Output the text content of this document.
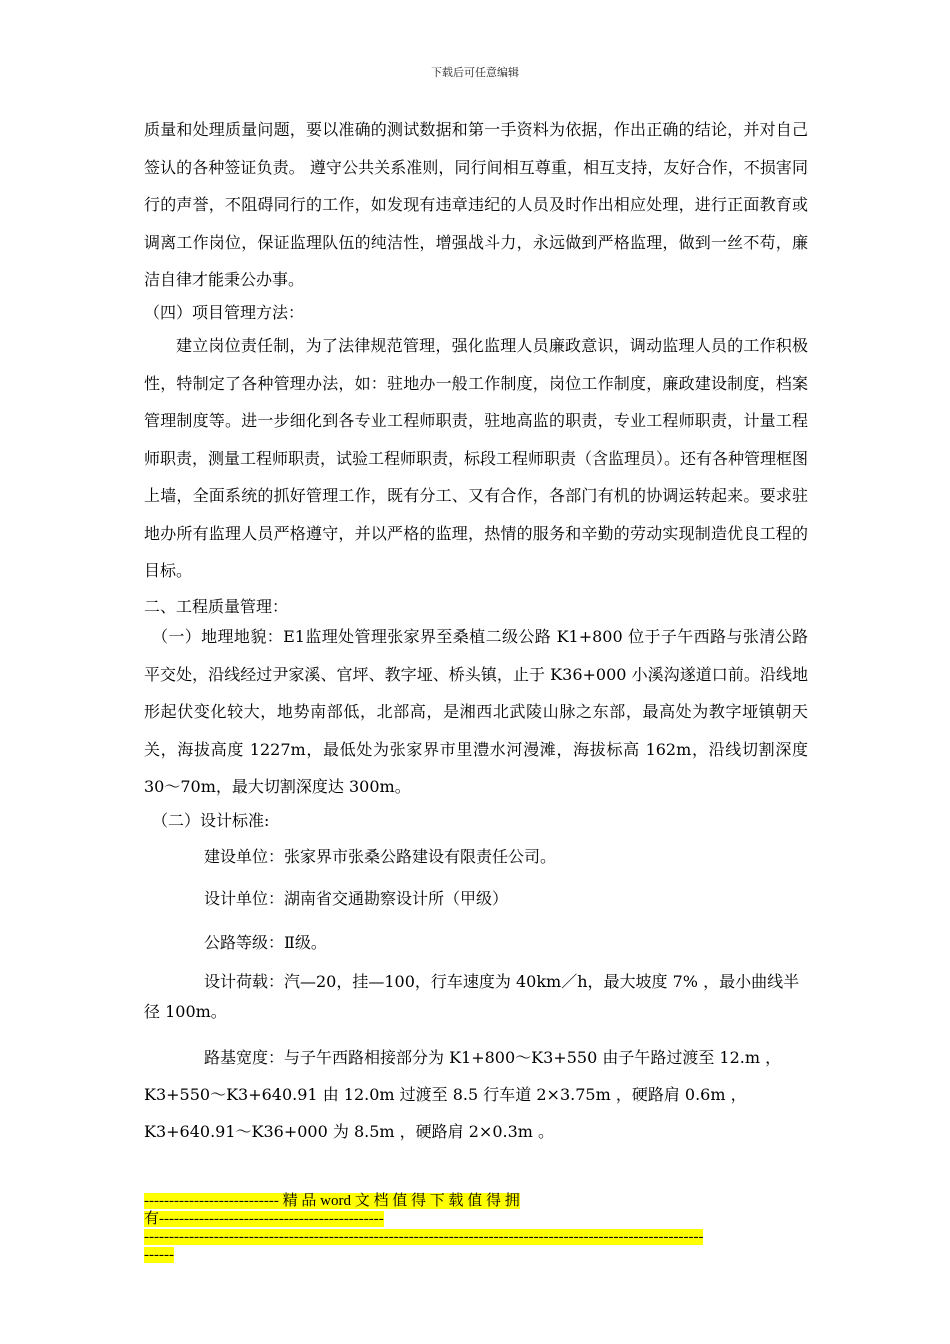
下载后可任意编辑

质量和处理质量问题，要以准确的测试数据和第一手资料为依据，作出正确的结论，并对自己签认的各种签证负责。 遵守公共关系准则，同行间相互尊重，相互支持，友好合作，不损害同行的声誉，不阻碍同行的工作，如发现有违章违纪的人员及时作出相应处理，进行正面教育或调离工作岗位，保证监理队伍的纯洁性，增强战斗力，永远做到严格监理，做到一丝不苟，廉洁自律才能秉公办事。

（四）项目管理方法：

建立岗位责任制，为了法律规范管理，强化监理人员廉政意识，调动监理人员的工作积极性，特制定了各种管理办法，如：驻地办一般工作制度，岗位工作制度，廉政建设制度，档案管理制度等。进一步细化到各专业工程师职责，驻地高监的职责，专业工程师职责，计量工程师职责，测量工程师职责，试验工程师职责，标段工程师职责（含监理员）。还有各种管理框图上墙，全面系统的抓好管理工作，既有分工、又有合作，各部门有机的协调运转起来。要求驻地办所有监理人员严格遵守，并以严格的监理，热情的服务和辛勤的劳动实现制造优良工程的目标。

二、工程质量管理：

（一）地理地貌：E1监理处管理张家界至桑植二级公路 K1+800 位于子午西路与张清公路平交处，沿线经过尹家溪、官坪、教字垭、桥头镇，止于 K36+000 小溪沟遂道口前。沿线地形起伏变化较大，地势南部低，北部高，是湘西北武陵山脉之东部，最高处为教字垭镇朝天关，海拔高度 1227m，最低处为张家界市里澧水河漫滩，海拔标高 162m，沿线切割深度 30～70m，最大切割深度达 300m。

（二）设计标准:
建设单位：张家界市张桑公路建设有限责任公司。
设计单位：湖南省交通勘察设计所（甲级）
公路等级：Ⅱ级。

设计荷载：汽—20，挂—100，行车速度为 40km／h，最大坡度 7% ，最小曲线半径 100m。

路基宽度：与子午西路相接部分为 K1+800～K3+550 由子午路过渡至 12.m ，K3+550～K3+640.91 由 12.0m 过渡至 8.5 行车道 2×3.75m ，硬路肩 0.6m ，K3+640.91～K36+000 为 8.5m ，硬路肩 2×0.3m 。

--------------------------- 精 品 word 文 档 值 得 下 载 值 得 拥
有---------------------------------------------
----------------------------------------------------------------------------------------------------------------
------
